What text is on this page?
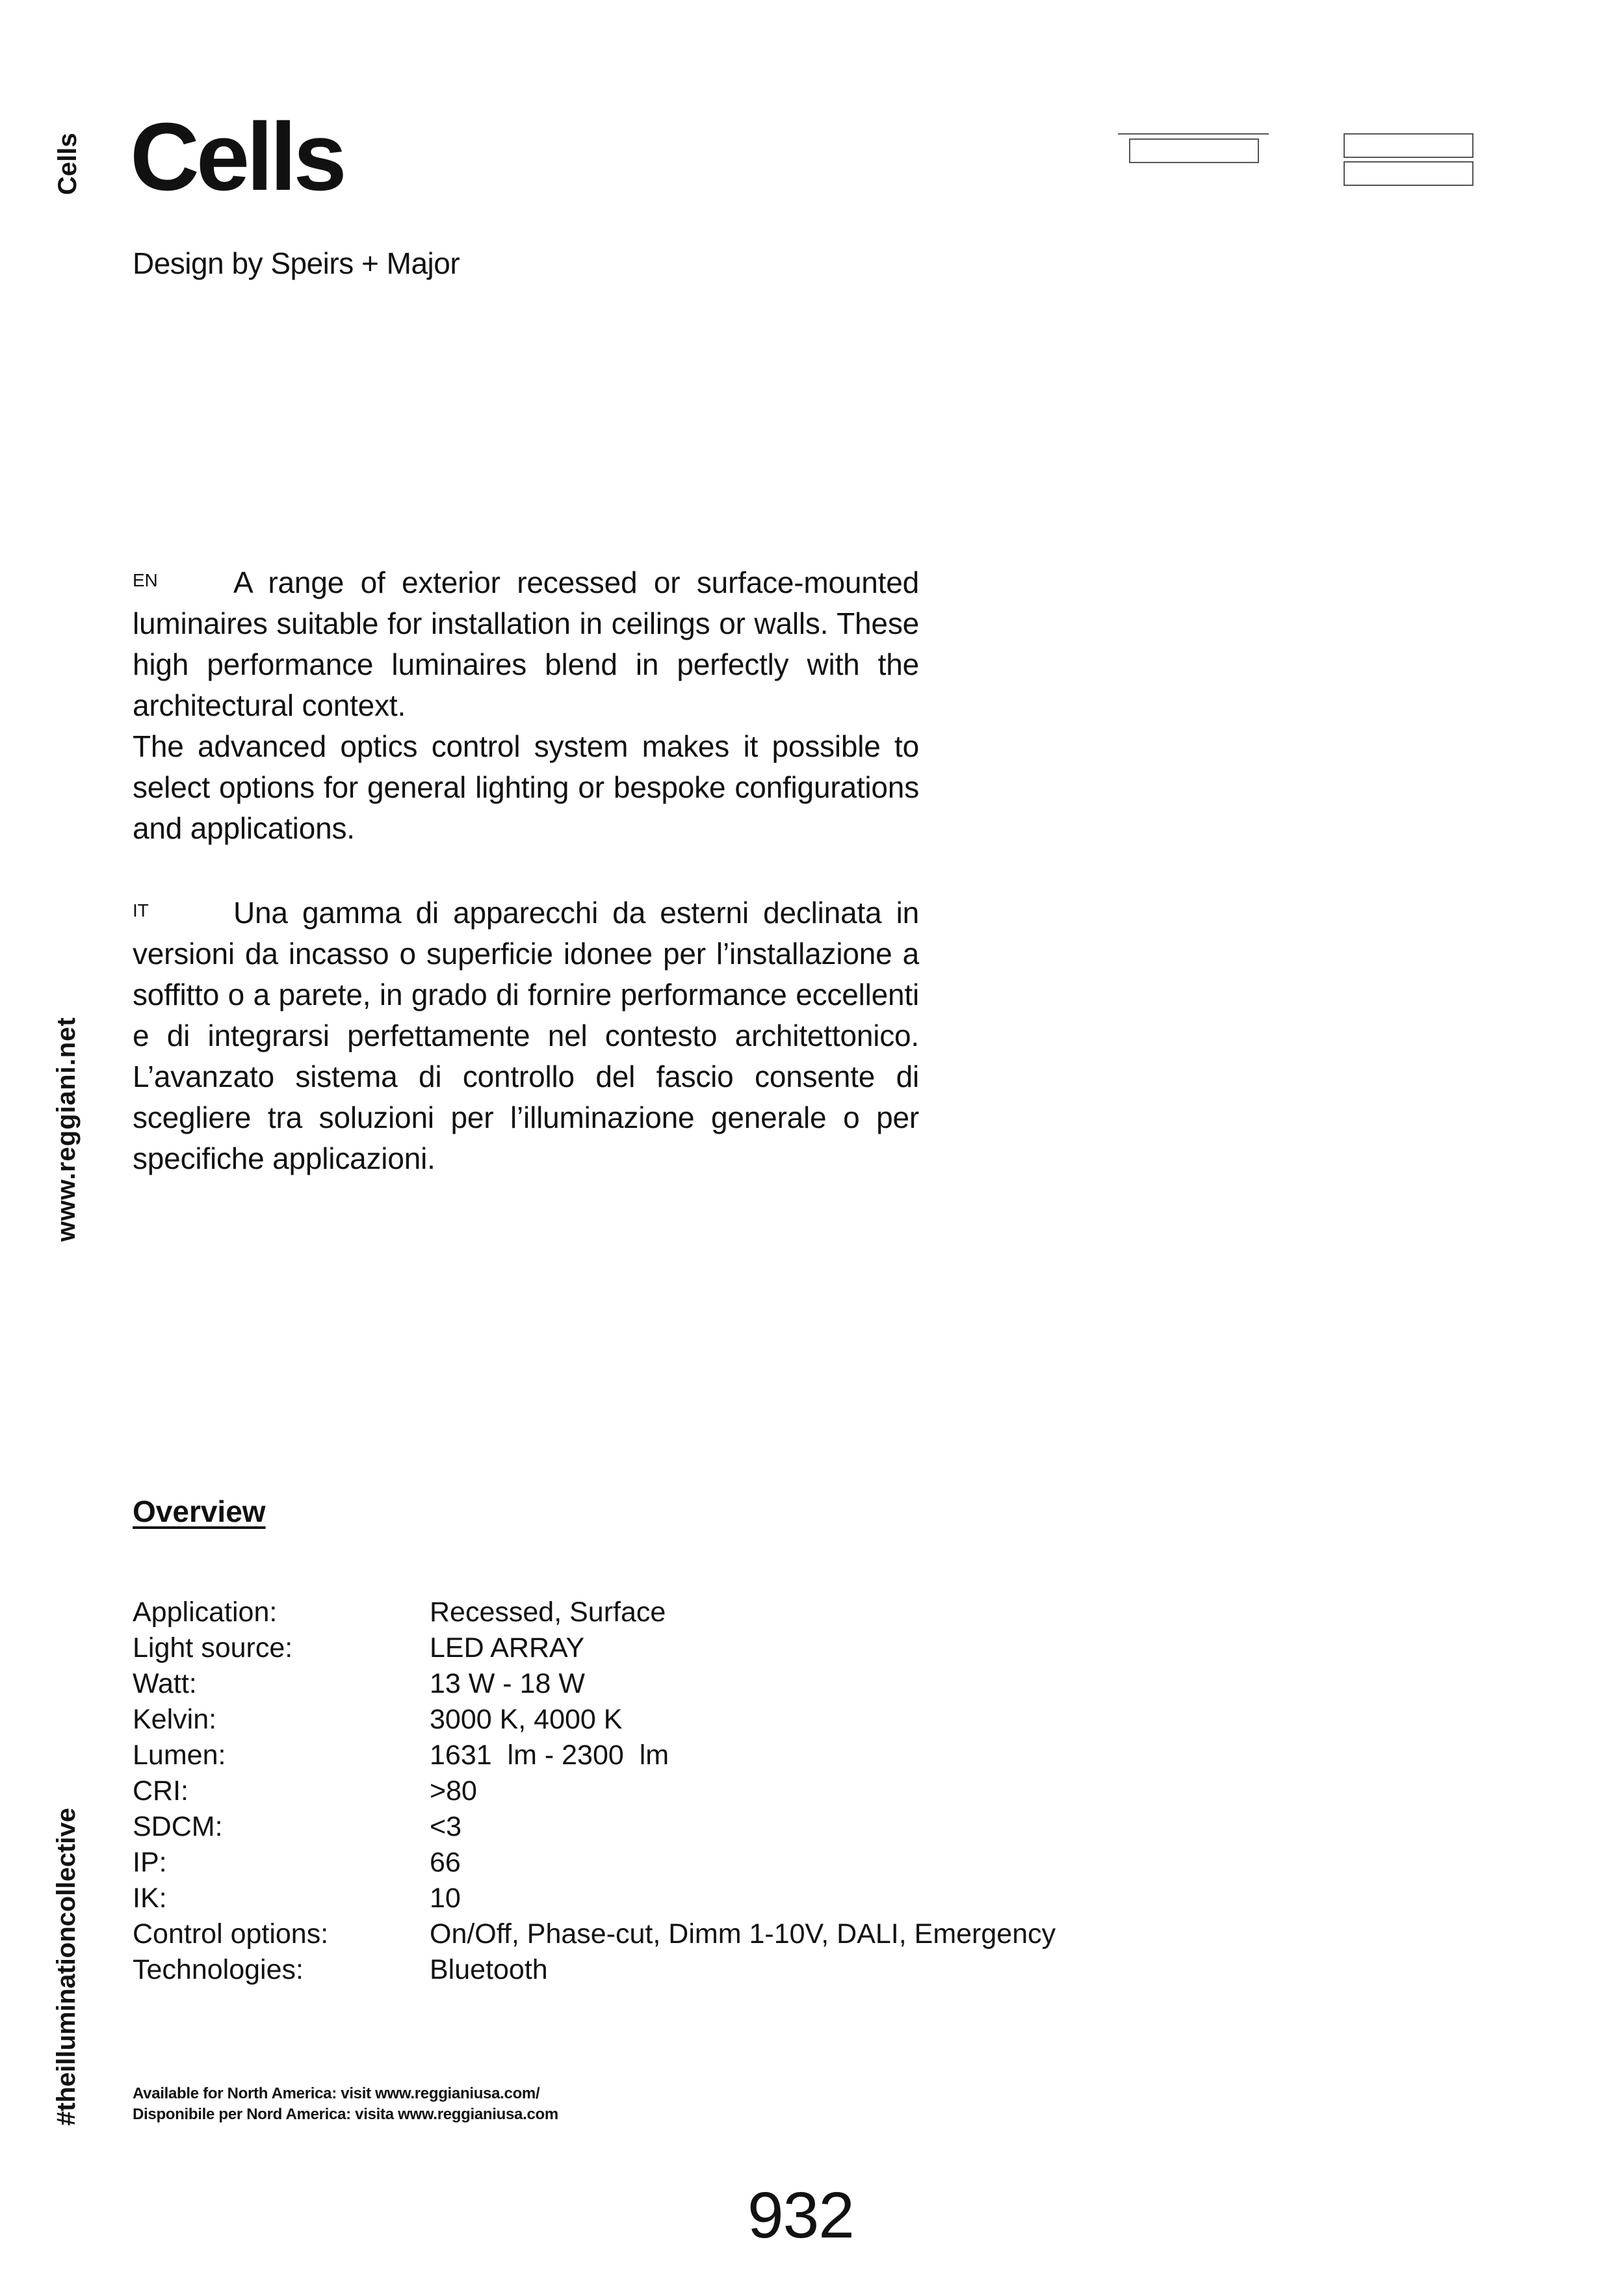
Cells
www.reggiani.net
#theilluminationcollective
Cells
Design by Speirs + Major
EN	A range of exterior recessed or surface-mounted luminaires suitable for installation in ceilings or walls. These high performance luminaires blend in perfectly with the architectural context.
The advanced optics control system makes it possible to select options for general lighting or bespoke configurations and applications.
IT	Una gamma di apparecchi da esterni declinata in versioni da incasso o superficie idonee per l’installazione a soffitto o a parete, in grado di fornire performance eccellenti e di integrarsi perfettamente nel contesto architettonico. L’avanzato sistema di controllo del fascio consente di scegliere tra soluzioni per l’illuminazione generale o per specifiche applicazioni.
Overview
Application:	Recessed, Surface
Light source:	LED ARRAY
Watt:	13 W - 18 W
Kelvin:	3000 K, 4000 K
Lumen:	1631  lm - 2300  lm
CRI:	>80
SDCM:	<3
IP:	66
IK:	10
Control options:	On/Off, Phase-cut, Dimm 1-10V, DALI, Emergency
Technologies:	Bluetooth
Available for North America: visit www.reggianiusa.com/
Disponibile per Nord America: visita www.reggianiusa.com
932
